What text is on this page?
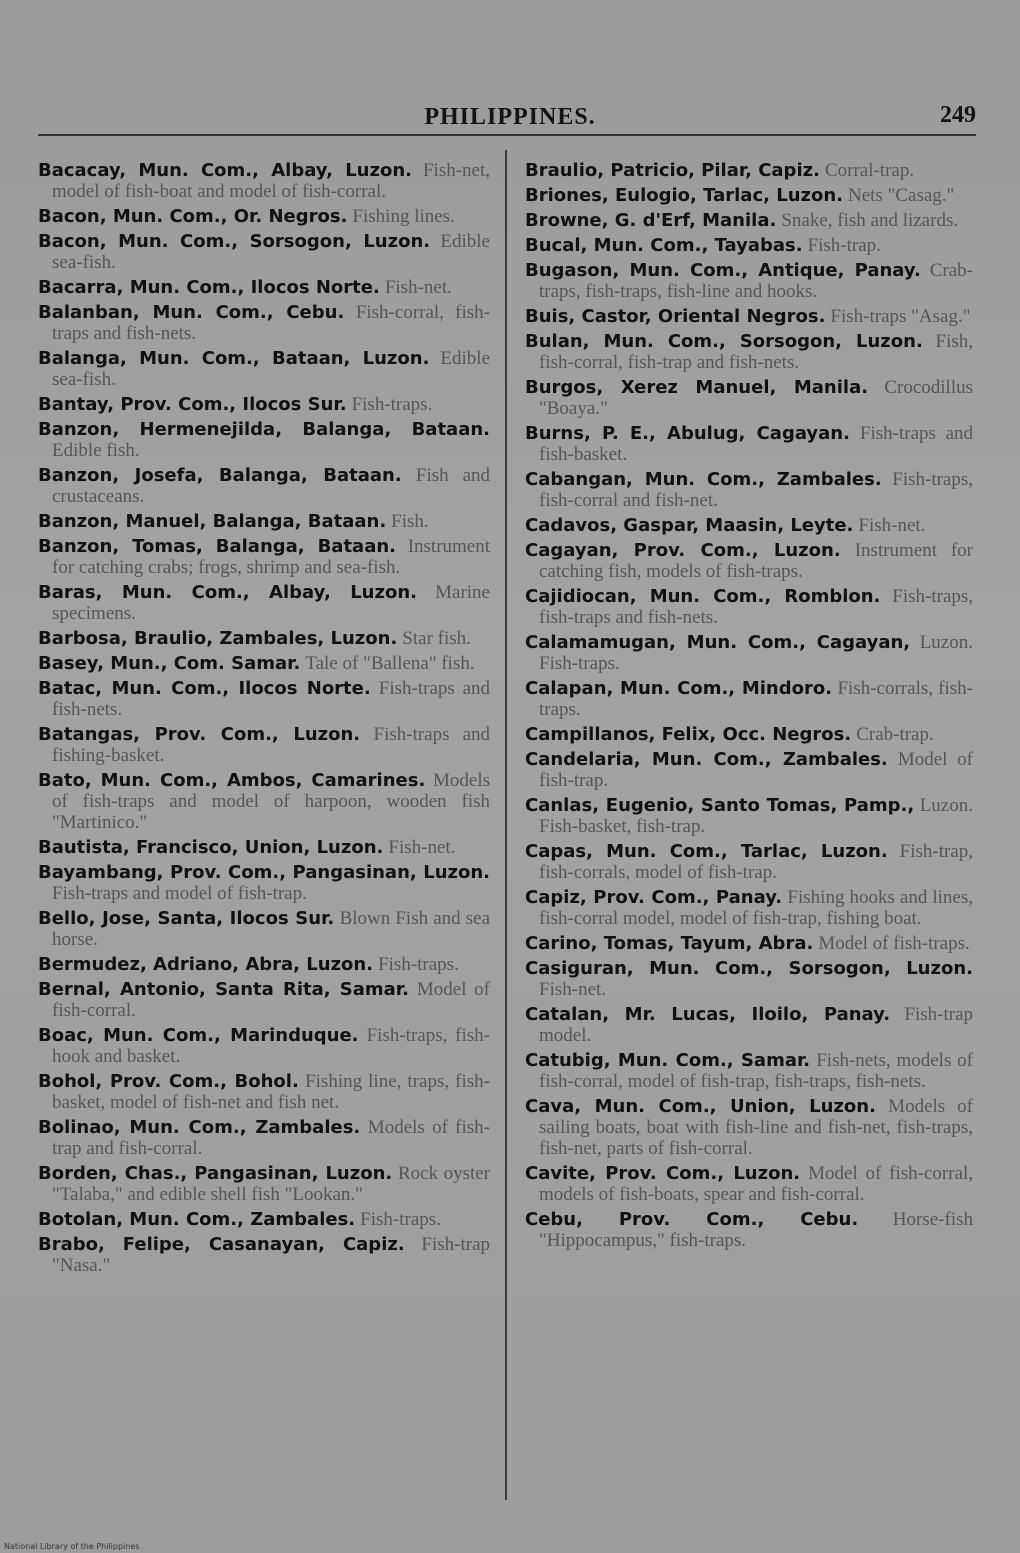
PHILIPPINES.	249

Bacacay, Mun. Com., Albay, Luzon. Fish-net, model of fish-boat and model of fish-corral.

Bacon, Mun. Com., Or. Negros. Fishing lines.

Bacon, Mun. Com., Sorsogon, Luzon. Edible sea-fish.

Bacarra, Mun. Com., Ilocos Norte. Fish-net.

Balanban, Mun. Com., Cebu. Fish-corral, fish-traps and fish-nets.

Balanga, Mun. Com., Bataan, Luzon. Edible sea-fish.

Bantay, Prov. Com., Ilocos Sur. Fish-traps.

Banzon, Hermenejilda, Balanga, Bataan. Edible fish.

Banzon, Josefa, Balanga, Bataan. Fish and crustaceans.

Banzon, Manuel, Balanga, Bataan. Fish.

Banzon, Tomas, Balanga, Bataan. Instrument for catching crabs; frogs, shrimp and sea-fish.

Baras, Mun. Com., Albay, Luzon. Marine specimens.

Barbosa, Braulio, Zambales, Luzon. Star fish.

Basey, Mun., Com. Samar. Tale of "Ballena" fish.

Batac, Mun. Com., Ilocos Norte. Fish-traps and fish-nets.

Batangas, Prov. Com., Luzon. Fish-traps and fishing-basket.

Bato, Mun. Com., Ambos, Camarines. Models of fish-traps and model of harpoon, wooden fish "Martinico."

Bautista, Francisco, Union, Luzon. Fish-net.

Bayambang, Prov. Com., Pangasinan, Luzon. Fish-traps and model of fish-trap.

Bello, Jose, Santa, Ilocos Sur. Blown Fish and sea horse.

Bermudez, Adriano, Abra, Luzon. Fish-traps.

Bernal, Antonio, Santa Rita, Samar. Model of fish-corral.

Boac, Mun. Com., Marinduque. Fish-traps, fish-hook and basket.

Bohol, Prov. Com., Bohol. Fishing line, traps, fish-basket, model of fish-net and fish net.

Bolinao, Mun. Com., Zambales. Models of fish-trap and fish-corral.

Borden, Chas., Pangasinan, Luzon. Rock oyster "Talaba," and edible shell fish "Lookan."

Botolan, Mun. Com., Zambales. Fish-traps.

Brabo, Felipe, Casanayan, Capiz. Fish-trap "Nasa."

Braulio, Patricio, Pilar, Capiz. Corral-trap.

Briones, Eulogio, Tarlac, Luzon. Nets "Casag."

Browne, G. d'Erf, Manila. Snake, fish and lizards.

Bucal, Mun. Com., Tayabas. Fish-trap.

Bugason, Mun. Com., Antique, Panay. Crab-traps, fish-traps, fish-line and hooks.

Buis, Castor, Oriental Negros. Fish-traps "Asag."

Bulan, Mun. Com., Sorsogon, Luzon. Fish, fish-corral, fish-trap and fish-nets.

Burgos, Xerez Manuel, Manila. Crocodillus "Boaya."

Burns, P. E., Abulug, Cagayan. Fish-traps and fish-basket.

Cabangan, Mun. Com., Zambales. Fish-traps, fish-corral and fish-net.

Cadavos, Gaspar, Maasin, Leyte. Fish-net.

Cagayan, Prov. Com., Luzon. Instrument for catching fish, models of fish-traps.

Cajidiocan, Mun. Com., Romblon. Fish-traps, fish-traps and fish-nets.

Calamamugan, Mun. Com., Cagayan, Luzon. Fish-traps.

Calapan, Mun. Com., Mindoro. Fish-corrals, fish-traps.

Campillanos, Felix, Occ. Negros. Crab-trap.

Candelaria, Mun. Com., Zambales. Model of fish-trap.

Canlas, Eugenio, Santo Tomas, Pamp., Luzon. Fish-basket, fish-trap.

Capas, Mun. Com., Tarlac, Luzon. Fish-trap, fish-corrals, model of fish-trap.

Capiz, Prov. Com., Panay. Fishing hooks and lines, fish-corral model, model of fish-trap, fishing boat.

Carino, Tomas, Tayum, Abra. Model of fish-traps.

Casiguran, Mun. Com., Sorsogon, Luzon. Fish-net.

Catalan, Mr. Lucas, Iloilo, Panay. Fish-trap model.

Catubig, Mun. Com., Samar. Fish-nets, models of fish-corral, model of fish-trap, fish-traps, fish-nets.

Cava, Mun. Com., Union, Luzon. Models of sailing boats, boat with fish-line and fish-net, fish-traps, fish-net, parts of fish-corral.

Cavite, Prov. Com., Luzon. Model of fish-corral, models of fish-boats, spear and fish-corral.

Cebu, Prov. Com., Cebu. Horse-fish "Hippocampus," fish-traps.

National Library of the Philippines
